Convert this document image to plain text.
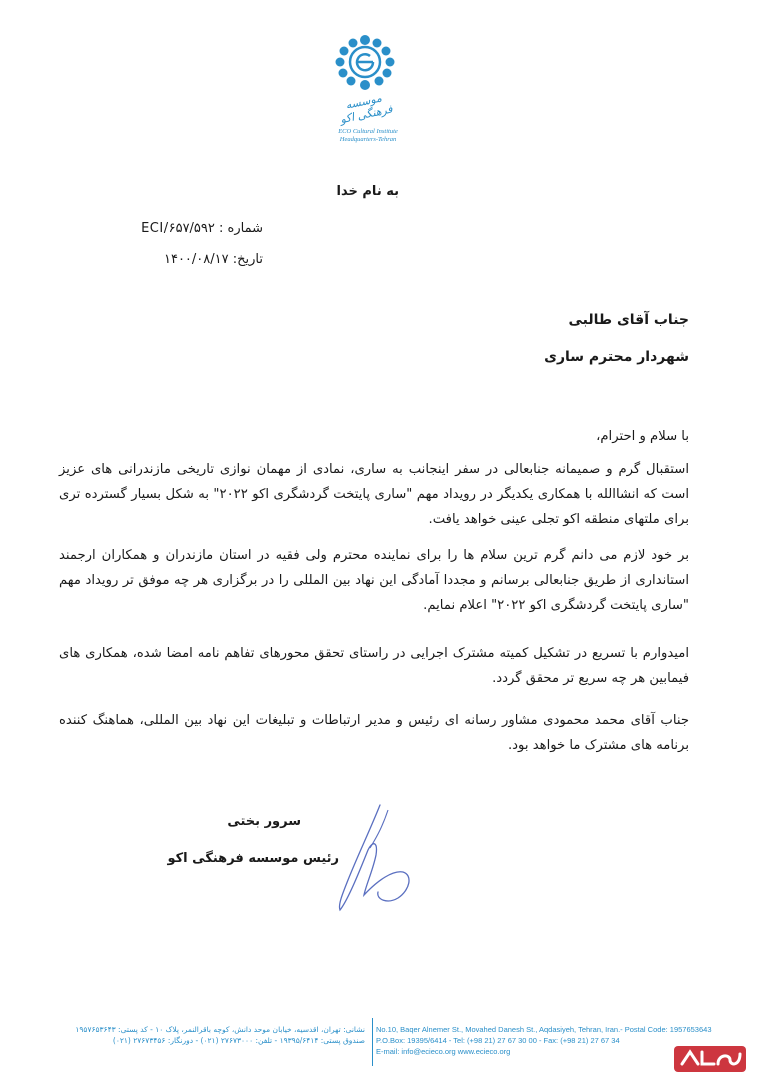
موسسه فرهنگی اکو
ECO Cultural Institute
Headquarters-Tehran
به نام خدا
شماره : ECI/۶۵۷/۵۹۲
تاریخ: ۱۴۰۰/۰۸/۱۷
جناب آقای طالبی
شهردار محترم ساری
با سلام و احترام،
استقبال گرم و صمیمانه جنابعالی در سفر اینجانب به ساری، نمادی از مهمان نوازی تاریخی مازندرانی های عزیز است که انشاالله با همکاری یکدیگر در رویداد مهم "ساری پایتخت گردشگری اکو ۲۰۲۲" به شکل بسیار گسترده تری برای ملتهای منطقه اکو تجلی عینی خواهد یافت.
بر خود لازم می دانم گرم ترین سلام ها را برای نماینده محترم ولی فقیه در استان مازندران و همکاران ارجمند استانداری از طریق جنابعالی برسانم و مجددا آمادگی این نهاد بین المللی را در برگزاری هر چه موفق تر رویداد مهم "ساری پایتخت گردشگری اکو ۲۰۲۲" اعلام نمایم.
امیدوارم با تسریع در تشکیل کمیته مشترک اجرایی در راستای تحقق محورهای تفاهم نامه امضا شده، همکاری های فیمابین هر چه سریع تر محقق گردد.
جناب آقای محمد محمودی مشاور رسانه ای رئیس و مدیر ارتباطات و تبلیغات این نهاد بین المللی، هماهنگ کننده برنامه های مشترک ما خواهد بود.
سرور بختی
رئیس موسسه فرهنگی اکو
No.10, Baqer Alnemer St., Movahed Danesh St., Aqdasiyeh, Tehran, Iran.- Postal Code: 1957653643
P.O.Box: 19395/6414 - Tel: (+98 21) 27 67 30 00 - Fax: (+98 21) 27 67 34
E-mail: info@ecieco.org www.ecieco.org
نشانی: تهران، اقدسیه، خیابان موحد دانش، کوچه باقرالنمر، پلاک ۱۰ - کد پستی: ۱۹۵۷۶۵۳۶۴۳
صندوق پستی: ۱۹۳۹۵/۶۴۱۴ - تلفن: ۲۷۶۷۳۰۰۰ (۰۲۱) - دورنگار: ۲۷۶۷۳۴۵۶ (۰۲۱)
